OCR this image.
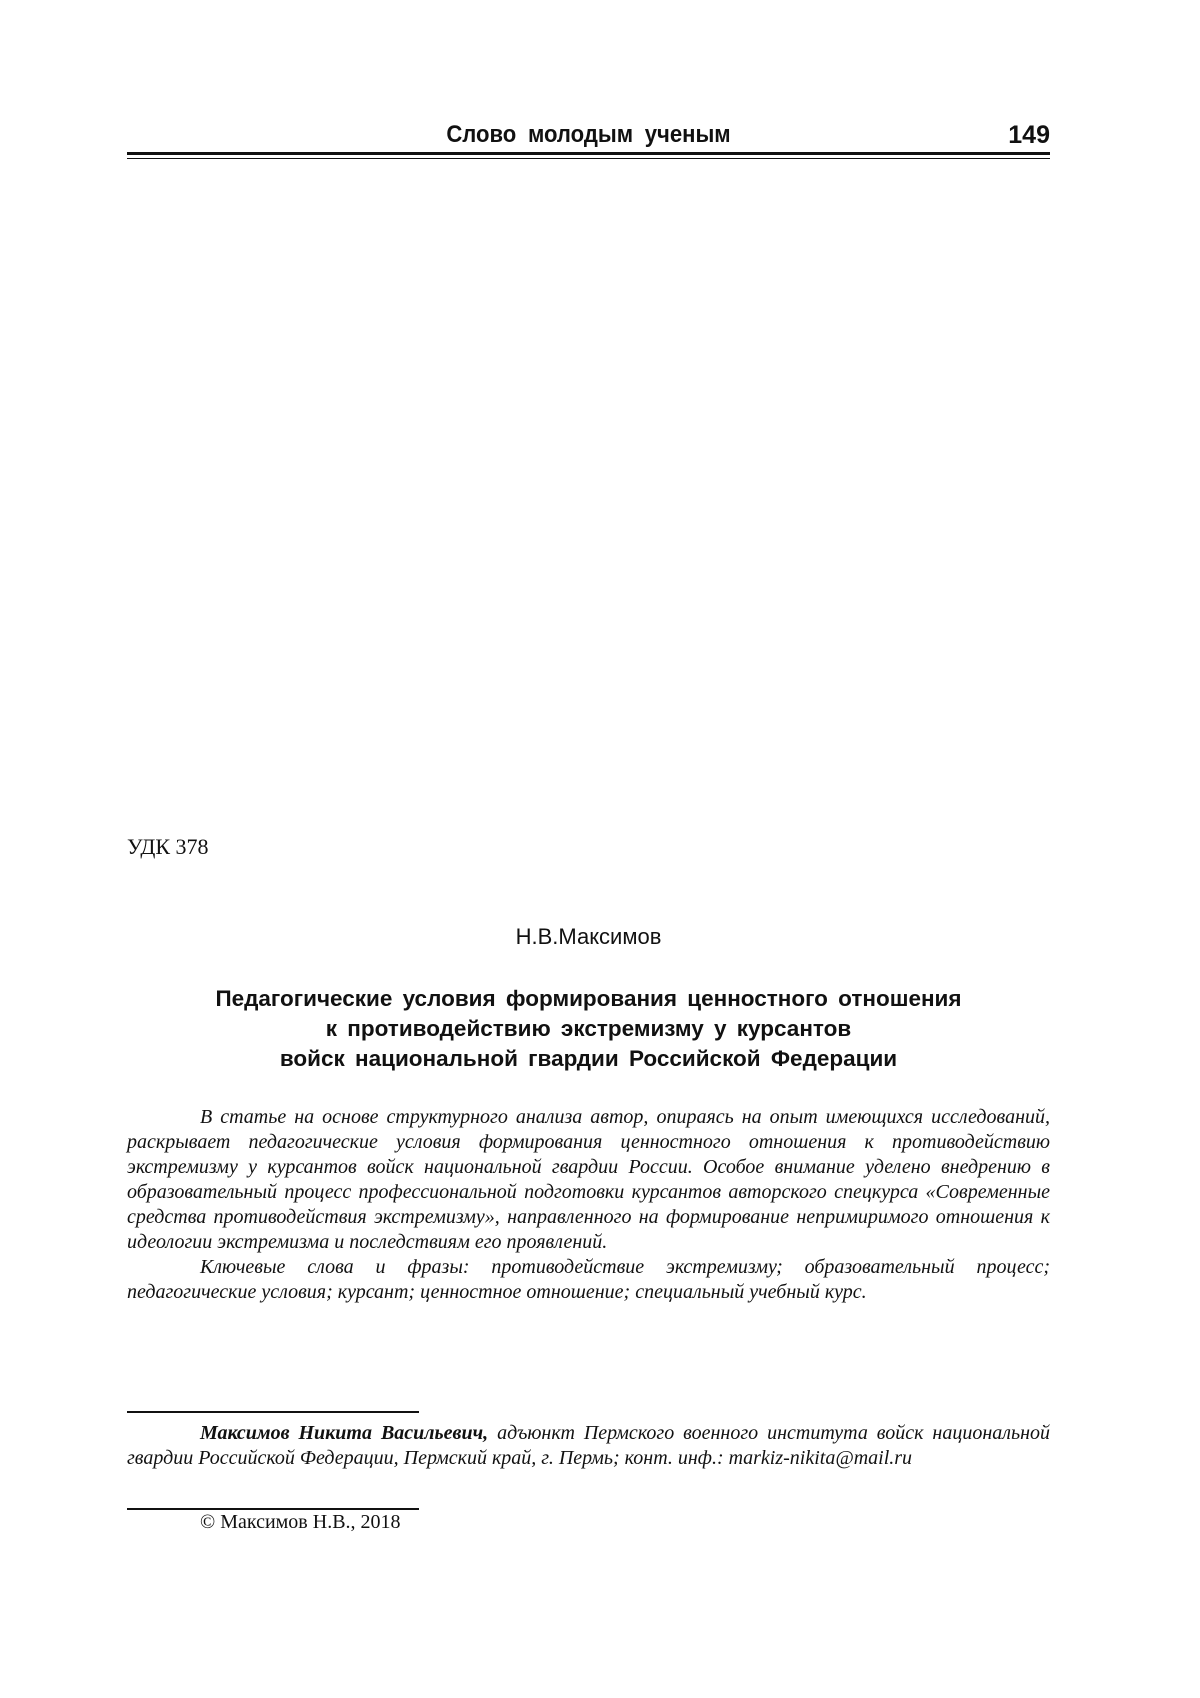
Слово молодым ученым	149
УДК 378
Н.В.Максимов
Педагогические условия формирования ценностного отношения
к противодействию экстремизму у курсантов
войск национальной гвардии Российской Федерации

В статье на основе структурного анализа автор, опираясь на опыт имеющихся исследований, раскрывает педагогические условия формирования ценностного отношения к противодействию экстремизму у курсантов войск национальной гвардии России. Особое внимание уделено внедрению в образовательный процесс профессиональной подготовки курсантов авторского спецкурса «Современные средства противодействия экстремизму», направленного на формирование непримиримого отношения к идеологии экстремизма и последствиям его проявлений.

Ключевые слова и фразы: противодействие экстремизму; образовательный процесс; педагогические условия; курсант; ценностное отношение; специальный учебный курс.

Максимов Никита Васильевич, адъюнкт Пермского военного института войск национальной гвардии Российской Федерации, Пермский край, г. Пермь; конт. инф.: markiz-nikita@mail.ru

© Максимов Н.В., 2018
